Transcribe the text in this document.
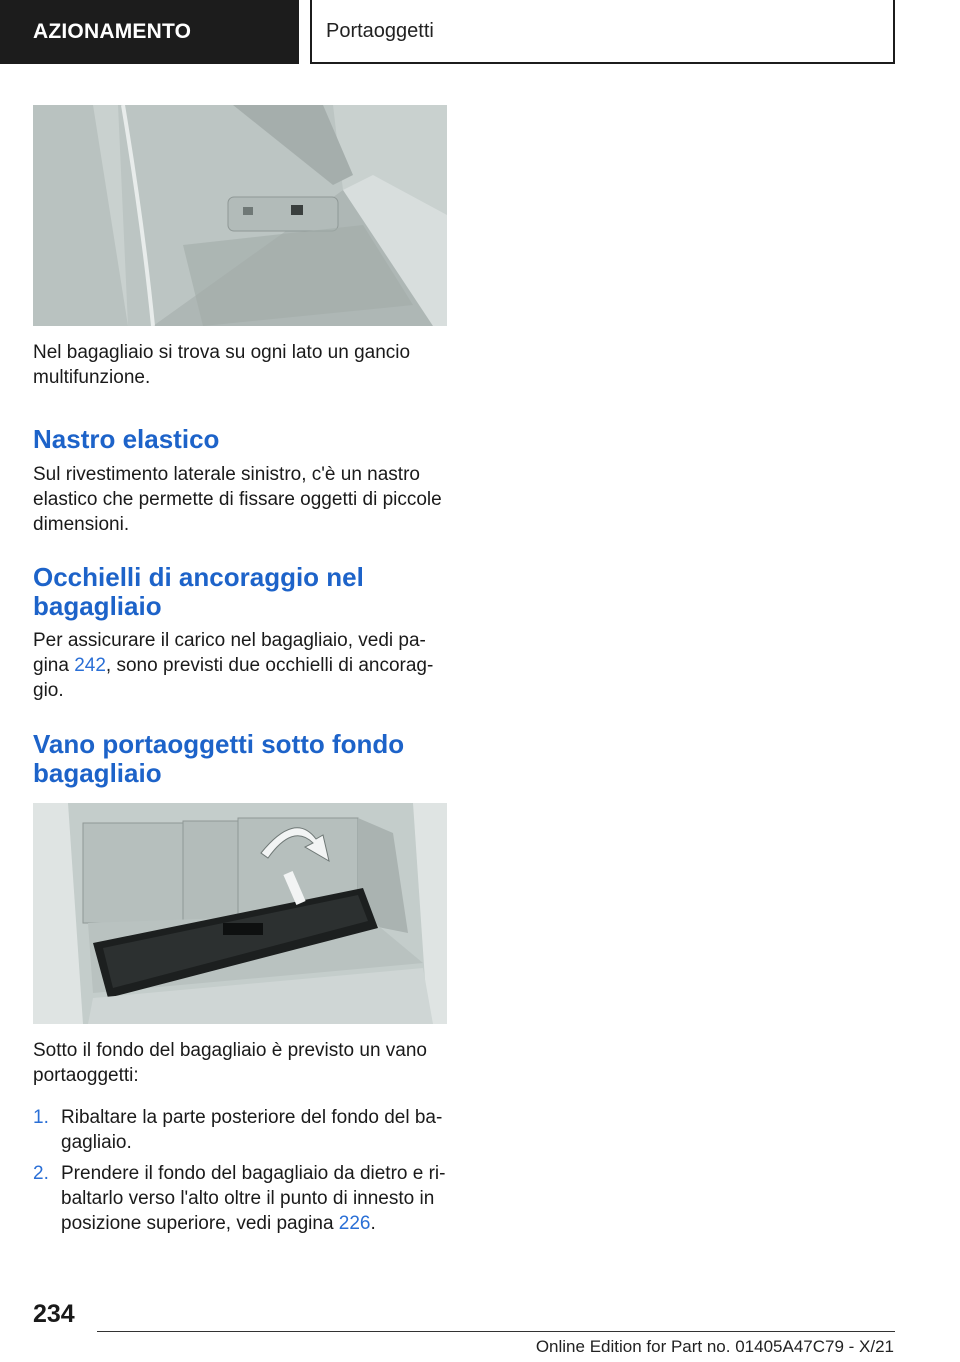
AZIONAMENTO	Portaoggetti
Nel bagagliaio si trova su ogni lato un gancio multifunzione.
Nastro elastico
Sul rivestimento laterale sinistro, c'è un nastro elastico che permette di fissare oggetti di piccole dimensioni.
Occhielli di ancoraggio nel
bagagliaio
Per assicurare il carico nel bagagliaio, vedi pa‐
gina 242, sono previsti due occhielli di ancorag‐
gio.
Vano portaoggetti sotto fondo
bagagliaio
Sotto il fondo del bagagliaio è previsto un vano portaoggetti:
1. Ribaltare la parte posteriore del fondo del ba‐
gagliaio.
2. Prendere il fondo del bagagliaio da dietro e ri‐
baltarlo verso l'alto oltre il punto di innesto in
posizione superiore, vedi pagina 226.
234
Online Edition for Part no. 01405A47C79 - X/21
